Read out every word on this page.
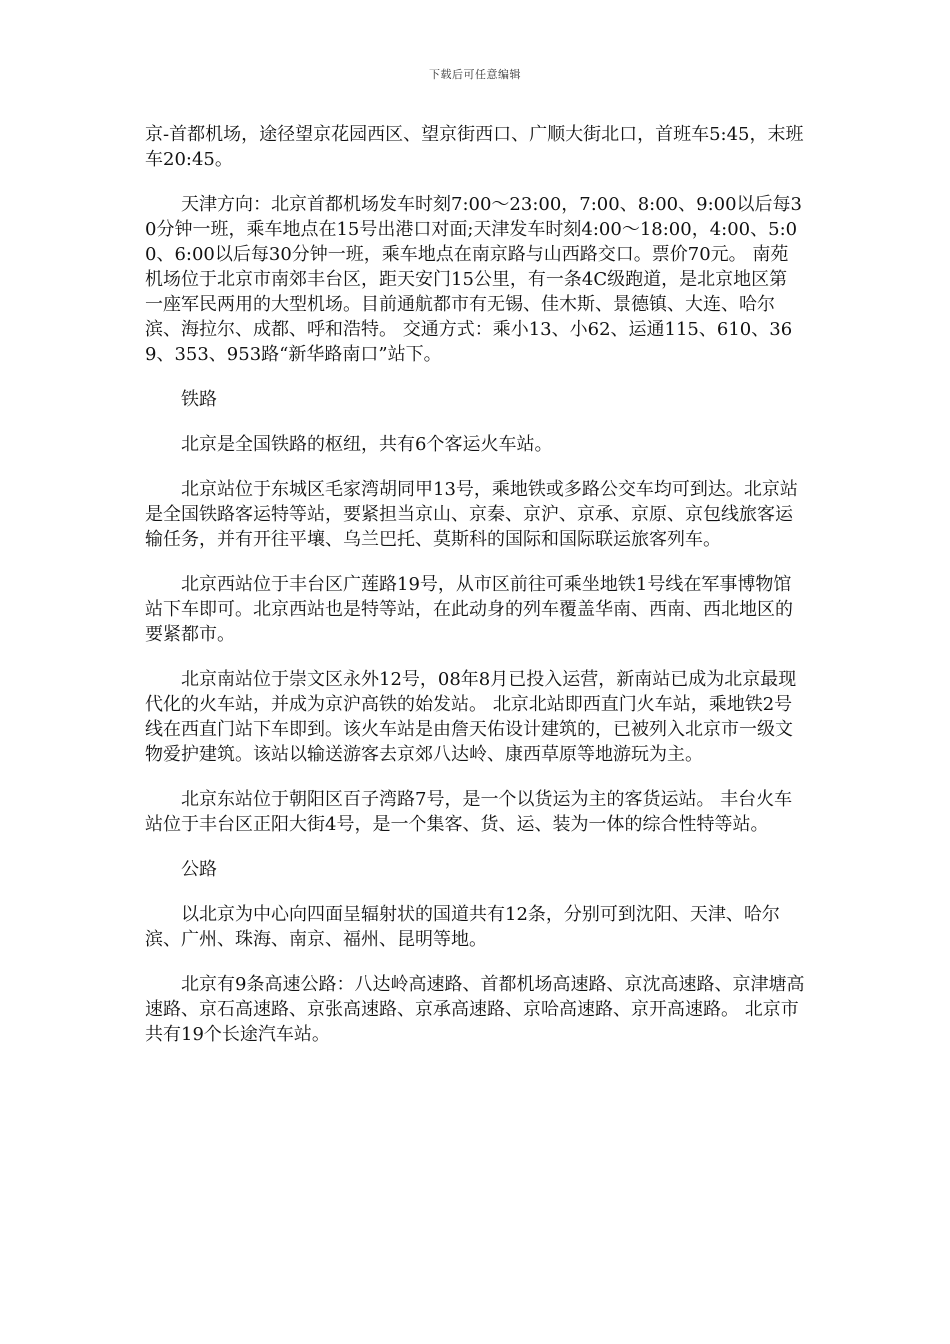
下载后可任意编辑

京-首都机场，途径望京花园西区、望京街西口、广顺大街北口，首班车5:45，末班车20:45。

天津方向：北京首都机场发车时刻7:00～23:00，7:00、8:00、9:00以后每30分钟一班，乘车地点在15号出港口对面;天津发车时刻4:00～18:00，4:00、5:00、6:00以后每30分钟一班，乘车地点在南京路与山西路交口。票价70元。 南苑机场位于北京市南郊丰台区，距天安门15公里，有一条4C级跑道，是北京地区第一座军民两用的大型机场。目前通航都市有无锡、佳木斯、景德镇、大连、哈尔滨、海拉尔、成都、呼和浩特。 交通方式：乘小13、小62、运通115、610、369、353、953路“新华路南口”站下。

铁路

北京是全国铁路的枢纽，共有6个客运火车站。

北京站位于东城区毛家湾胡同甲13号，乘地铁或多路公交车均可到达。北京站是全国铁路客运特等站，要紧担当京山、京秦、京沪、京承、京原、京包线旅客运输任务，并有开往平壤、乌兰巴托、莫斯科的国际和国际联运旅客列车。

北京西站位于丰台区广莲路19号，从市区前往可乘坐地铁1号线在军事博物馆站下车即可。北京西站也是特等站，在此动身的列车覆盖华南、西南、西北地区的要紧都市。

北京南站位于崇文区永外12号，08年8月已投入运营，新南站已成为北京最现代化的火车站，并成为京沪高铁的始发站。 北京北站即西直门火车站，乘地铁2号线在西直门站下车即到。该火车站是由詹天佑设计建筑的，已被列入北京市一级文物爱护建筑。该站以输送游客去京郊八达岭、康西草原等地游玩为主。

北京东站位于朝阳区百子湾路7号，是一个以货运为主的客货运站。 丰台火车站位于丰台区正阳大街4号，是一个集客、货、运、装为一体的综合性特等站。

公路

以北京为中心向四面呈辐射状的国道共有12条，分别可到沈阳、天津、哈尔滨、广州、珠海、南京、福州、昆明等地。

北京有9条高速公路：八达岭高速路、首都机场高速路、京沈高速路、京津塘高速路、京石高速路、京张高速路、京承高速路、京哈高速路、京开高速路。 北京市共有19个长途汽车站。
